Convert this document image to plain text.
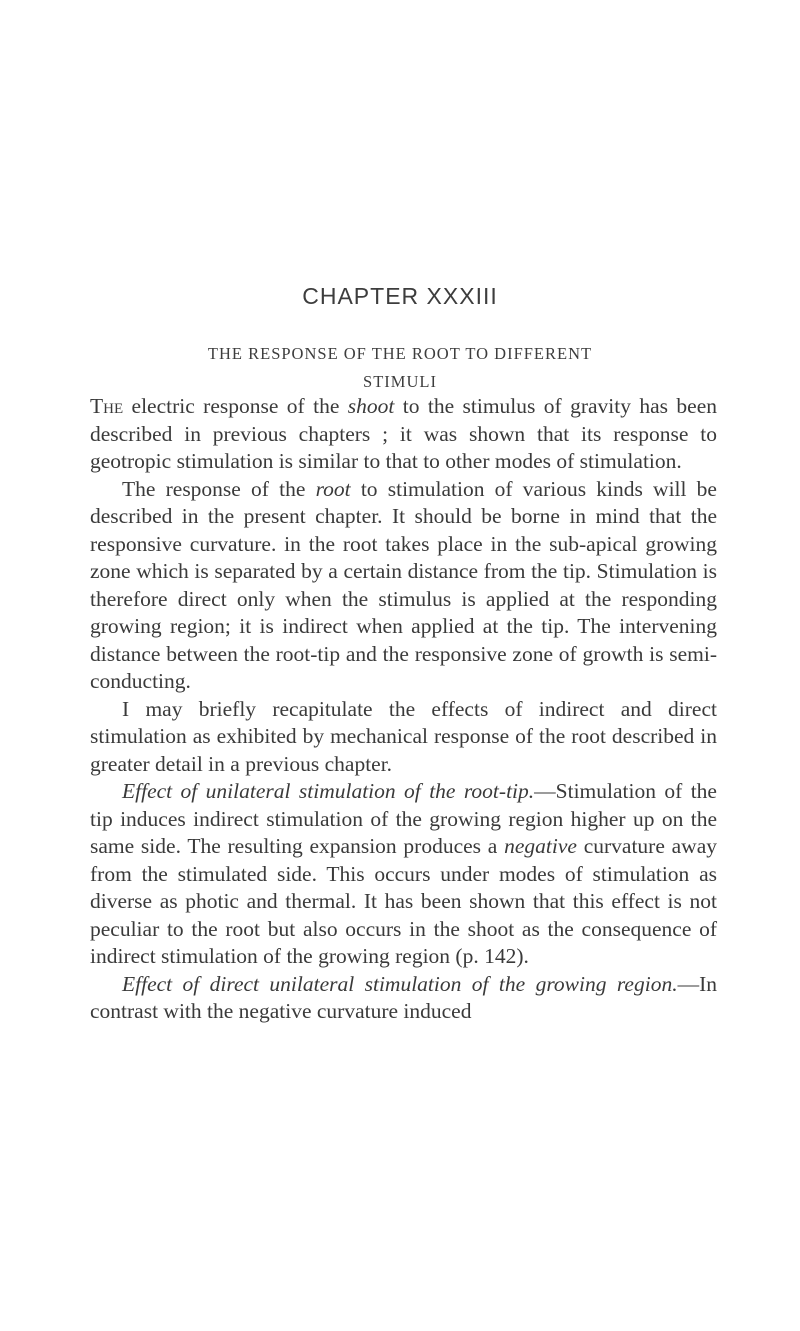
CHAPTER XXXIII
THE RESPONSE OF THE ROOT TO DIFFERENT
STIMULI

The electric response of the shoot to the stimulus of gravity has been described in previous chapters ; it was shown that its response to geotropic stimulation is similar to that to other modes of stimulation.

The response of the root to stimulation of various kinds will be described in the present chapter. It should be borne in mind that the responsive curvature. in the root takes place in the sub-apical growing zone which is separated by a certain distance from the tip. Stimulation is therefore direct only when the stimulus is applied at the responding growing region; it is indirect when applied at the tip. The intervening distance between the root-tip and the responsive zone of growth is semi-conducting.

I may briefly recapitulate the effects of indirect and direct stimulation as exhibited by mechanical response of the root described in greater detail in a previous chapter.

Effect of unilateral stimulation of the root-tip.—Stimulation of the tip induces indirect stimulation of the growing region higher up on the same side. The resulting expansion produces a negative curvature away from the stimulated side. This occurs under modes of stimulation as diverse as photic and thermal. It has been shown that this effect is not peculiar to the root but also occurs in the shoot as the consequence of indirect stimulation of the growing region (p. 142).

Effect of direct unilateral stimulation of the growing region.—In contrast with the negative curvature induced
